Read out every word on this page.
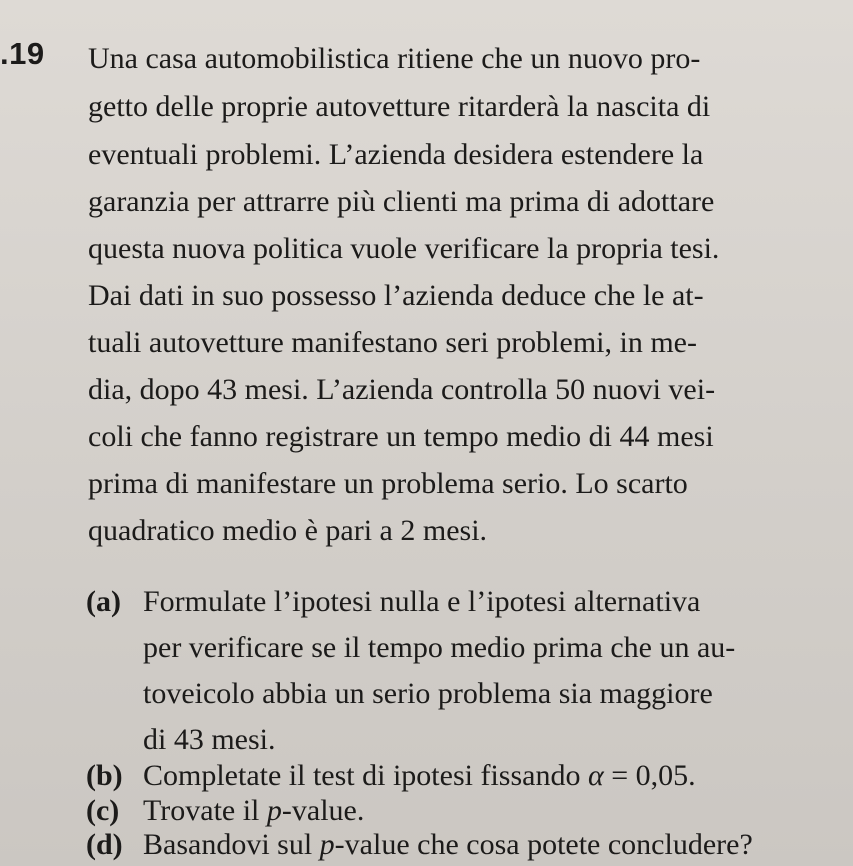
.19 Una casa automobilistica ritiene che un nuovo pro-
getto delle proprie autovetture ritarderà la nascita di
eventuali problemi. L’azienda desidera estendere la
garanzia per attrarre più clienti ma prima di adottare
questa nuova politica vuole verificare la propria tesi.
Dai dati in suo possesso l’azienda deduce che le at-
tuali autovetture manifestano seri problemi, in me-
dia, dopo 43 mesi. L’azienda controlla 50 nuovi vei-
coli che fanno registrare un tempo medio di 44 mesi
prima di manifestare un problema serio. Lo scarto
quadratico medio è pari a 2 mesi.
(a) Formulate l’ipotesi nulla e l’ipotesi alternativa
per verificare se il tempo medio prima che un au-
toveicolo abbia un serio problema sia maggiore
di 43 mesi.
(b) Completate il test di ipotesi fissando α = 0,05.
(c) Trovate il p-value.
(d) Basandovi sul p-value che cosa potete concludere?
